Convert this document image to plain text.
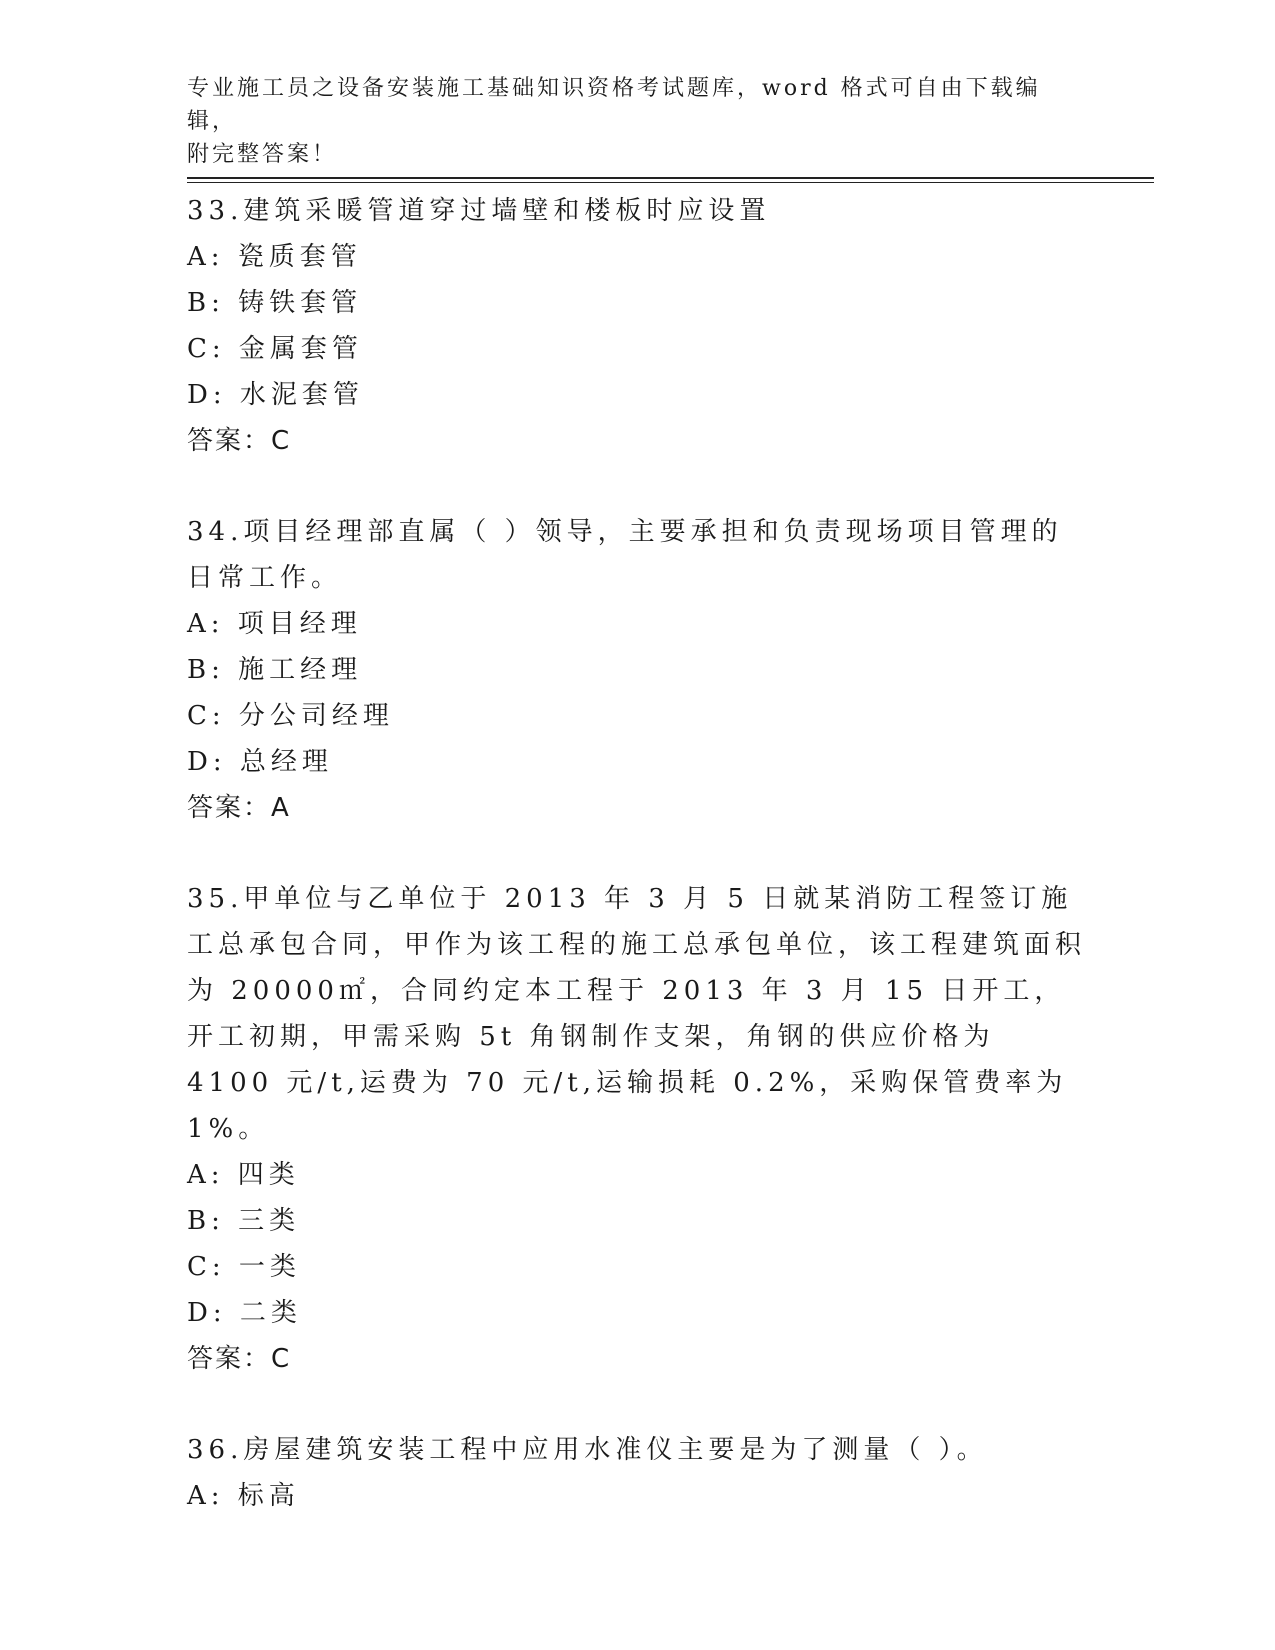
专业施工员之设备安装施工基础知识资格考试题库，word 格式可自由下载编辑，
附完整答案！
33.建筑采暖管道穿过墙壁和楼板时应设置
A: 瓷质套管
B: 铸铁套管
C: 金属套管
D: 水泥套管
答案：C
34.项目经理部直属（ ）领导，主要承担和负责现场项目管理的日常工作。
A: 项目经理
B: 施工经理
C: 分公司经理
D: 总经理
答案：A
35.甲单位与乙单位于 2013 年 3 月 5 日就某消防工程签订施工总承包合同，甲作为该工程的施工总承包单位，该工程建筑面积为 20000㎡，合同约定本工程于 2013 年 3 月 15 日开工，开工初期，甲需采购 5t 角钢制作支架，角钢的供应价格为 4100 元/t,运费为 70 元/t,运输损耗 0.2%，采购保管费率为 1%。
A: 四类
B: 三类
C: 一类
D: 二类
答案：C
36.房屋建筑安装工程中应用水准仪主要是为了测量（ ）。
A: 标高
